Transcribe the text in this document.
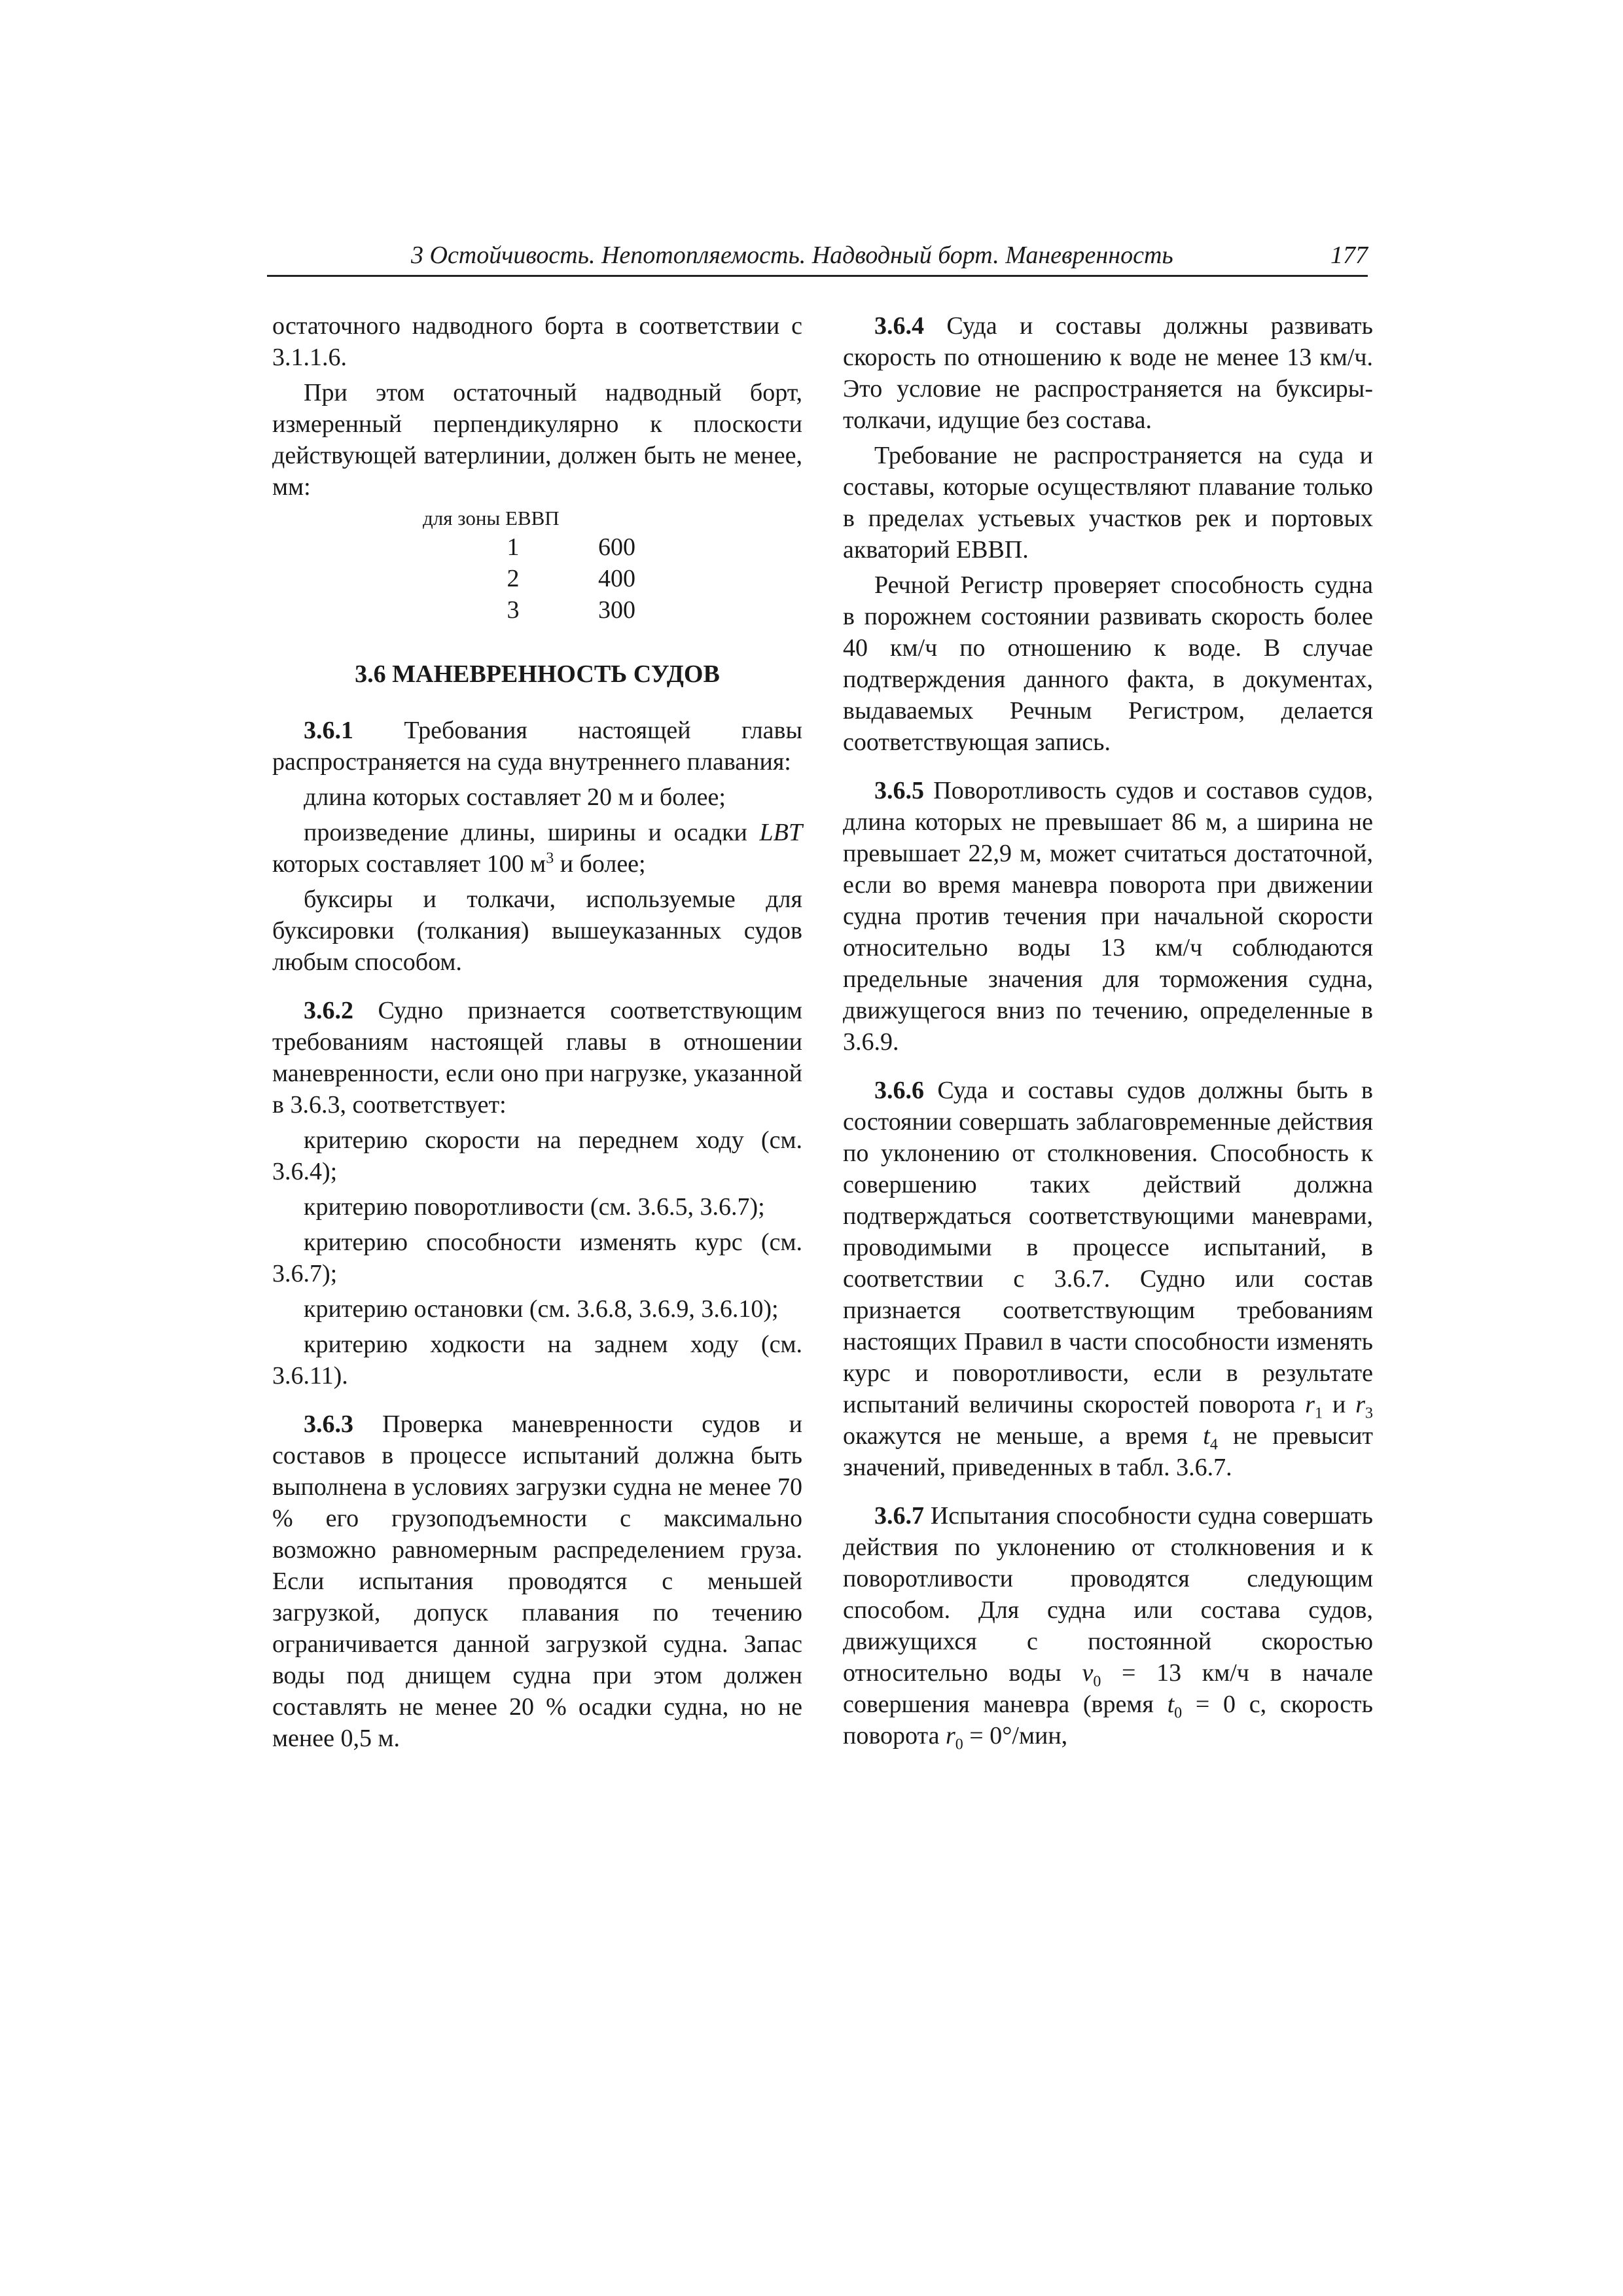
3 Остойчивость. Непотопляемость. Надводный борт. Маневренность	177

остаточного надводного борта в соответствии с 3.1.1.6.

При этом остаточный надводный борт, измеренный перпендикулярно к плоскости действующей ватерлинии, должен быть не менее, мм:

для зоны ЕВВП
1	600
2	400
3	300

3.6 МАНЕВРЕННОСТЬ СУДОВ

3.6.1 Требования настоящей главы распространяется на суда внутреннего плавания:

длина которых составляет 20 м и более;

произведение длины, ширины и осадки LBT которых составляет 100 $м^3$ и более;

буксиры и толкачи, используемые для буксировки (толкания) вышеуказанных судов любым способом.

3.6.2 Судно признается соответствующим требованиям настоящей главы в отношении маневренности, если оно при нагрузке, указанной в 3.6.3, соответствует:

критерию скорости на переднем ходу (см. 3.6.4);

критерию поворотливости (см. 3.6.5, 3.6.7);

критерию способности изменять курс (см. 3.6.7);

критерию остановки (см. 3.6.8, 3.6.9, 3.6.10);

критерию ходкости на заднем ходу (см. 3.6.11).

3.6.3 Проверка маневренности судов и составов в процессе испытаний должна быть выполнена в условиях загрузки судна не менее 70 % его грузоподъемности с максимально возможно равномерным распределением груза. Если испытания проводятся с меньшей загрузкой, допуск плавания по течению ограничивается данной загрузкой судна. Запас воды под днищем судна при этом должен составлять не менее 20 % осадки судна, но не менее 0,5 м.

3.6.4 Суда и составы должны развивать скорость по отношению к воде не менее 13 км/ч. Это условие не распространяется на буксиры-толкачи, идущие без состава.

Требование не распространяется на суда и составы, которые осуществляют плавание только в пределах устьевых участков рек и портовых акваторий ЕВВП.

Речной Регистр проверяет способность судна в порожнем состоянии развивать скорость более 40 км/ч по отношению к воде. В случае подтверждения данного факта, в документах, выдаваемых Речным Регистром, делается соответствующая запись.

3.6.5 Поворотливость судов и составов судов, длина которых не превышает 86 м, а ширина не превышает 22,9 м, может считаться достаточной, если во время маневра поворота при движении судна против течения при начальной скорости относительно воды 13 км/ч соблюдаются предельные значения для торможения судна, движущегося вниз по течению, определенные в 3.6.9.

3.6.6 Суда и составы судов должны быть в состоянии совершать заблаговременные действия по уклонению от столкновения. Способность к совершению таких действий должна подтверждаться соответствующими маневрами, проводимыми в процессе испытаний, в соответствии с 3.6.7. Судно или состав признается соответствующим требованиям настоящих Правил в части способности изменять курс и поворотливости, если в результате испытаний величины скоростей поворота $r_1$ и $r_3$ окажутся не меньше, а время $t_4$ не превысит значений, приведенных в табл. 3.6.7.

3.6.7 Испытания способности судна совершать действия по уклонению от столкновения и к поворотливости проводятся следующим способом. Для судна или состава судов, движущихся с постоянной скоростью относительно воды $v_0 = 13$ км/ч в начале совершения маневра (время $t_0 = 0$ с, скорость поворота $r_0 = 0^\circ/мин$,
